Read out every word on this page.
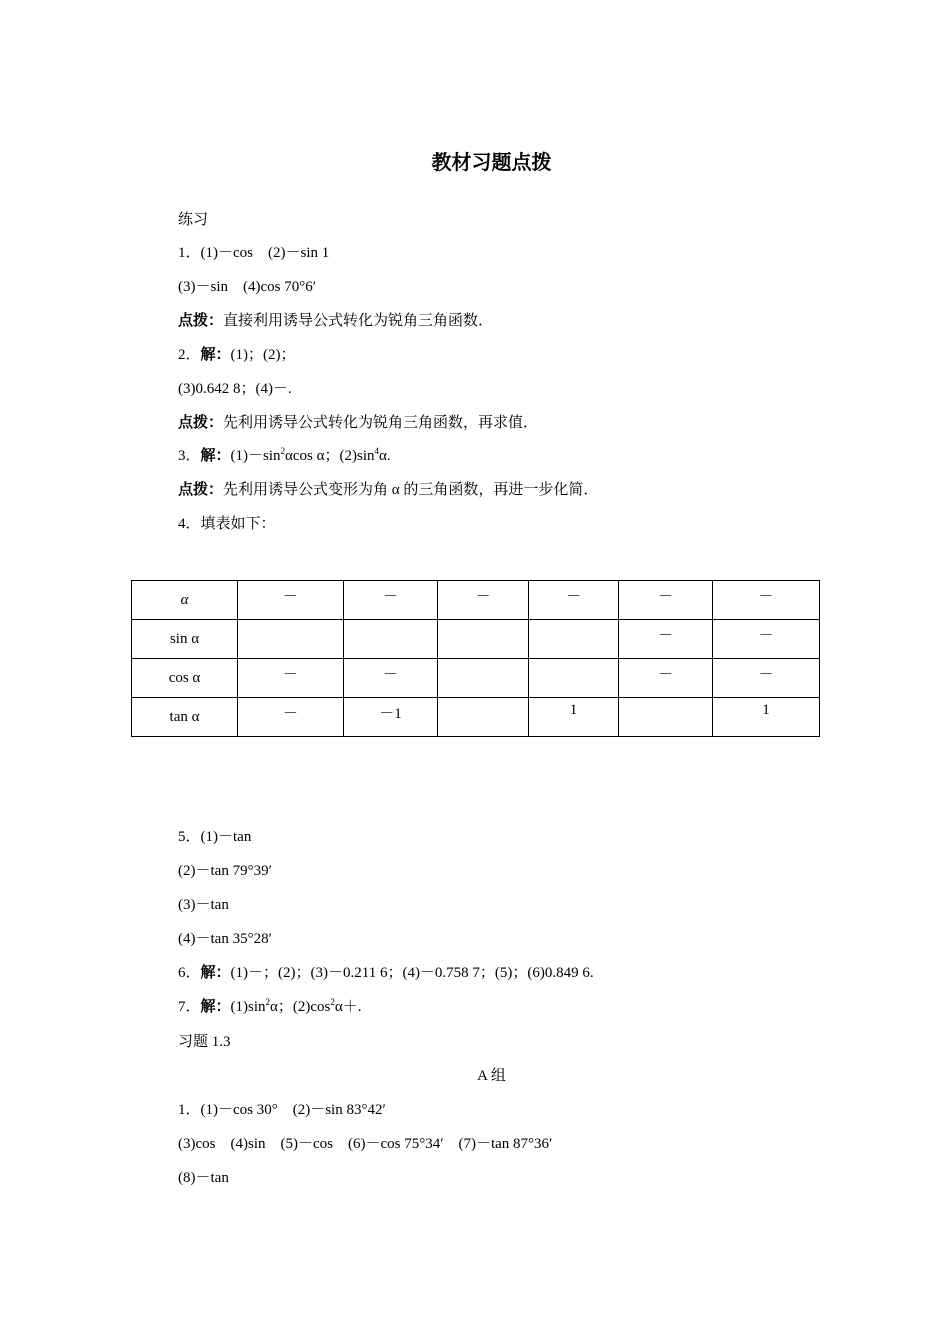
教材习题点拨
练习
1．(1)－cos　(2)－sin 1
(3)－sin　(4)cos 70°6′
点拨：直接利用诱导公式转化为锐角三角函数．
2．解：(1)；(2)；
(3)0.642 8；(4)－.
点拨：先利用诱导公式转化为锐角三角函数，再求值．
3．解：$(1)-\sin^2\alpha\cos$ α；$(2)\sin^4\alpha$.
点拨：先利用诱导公式变形为角 α 的三角函数，再进一步化简．
4．填表如下：
α	－	－	－	－	－	－
sin α					－	－
cos α	－	－			－	－
tan α	－	－1		1		1
5．(1)－tan
(2)－tan 79°39′
(3)－tan
(4)－tan 35°28′
6．解：(1)－；(2)；(3)－0.211 6；(4)－0.758 7；(5)；(6)0.849 6.
7．解：$(1)\sin^2\alpha$；$(2)\cos^2\alpha+$.
习题 1.3
A 组
1．(1)－cos 30°　(2)－sin 83°42′
(3)cos　(4)sin　(5)－cos　(6)－cos 75°34′　(7)－tan 87°36′
(8)－tan
